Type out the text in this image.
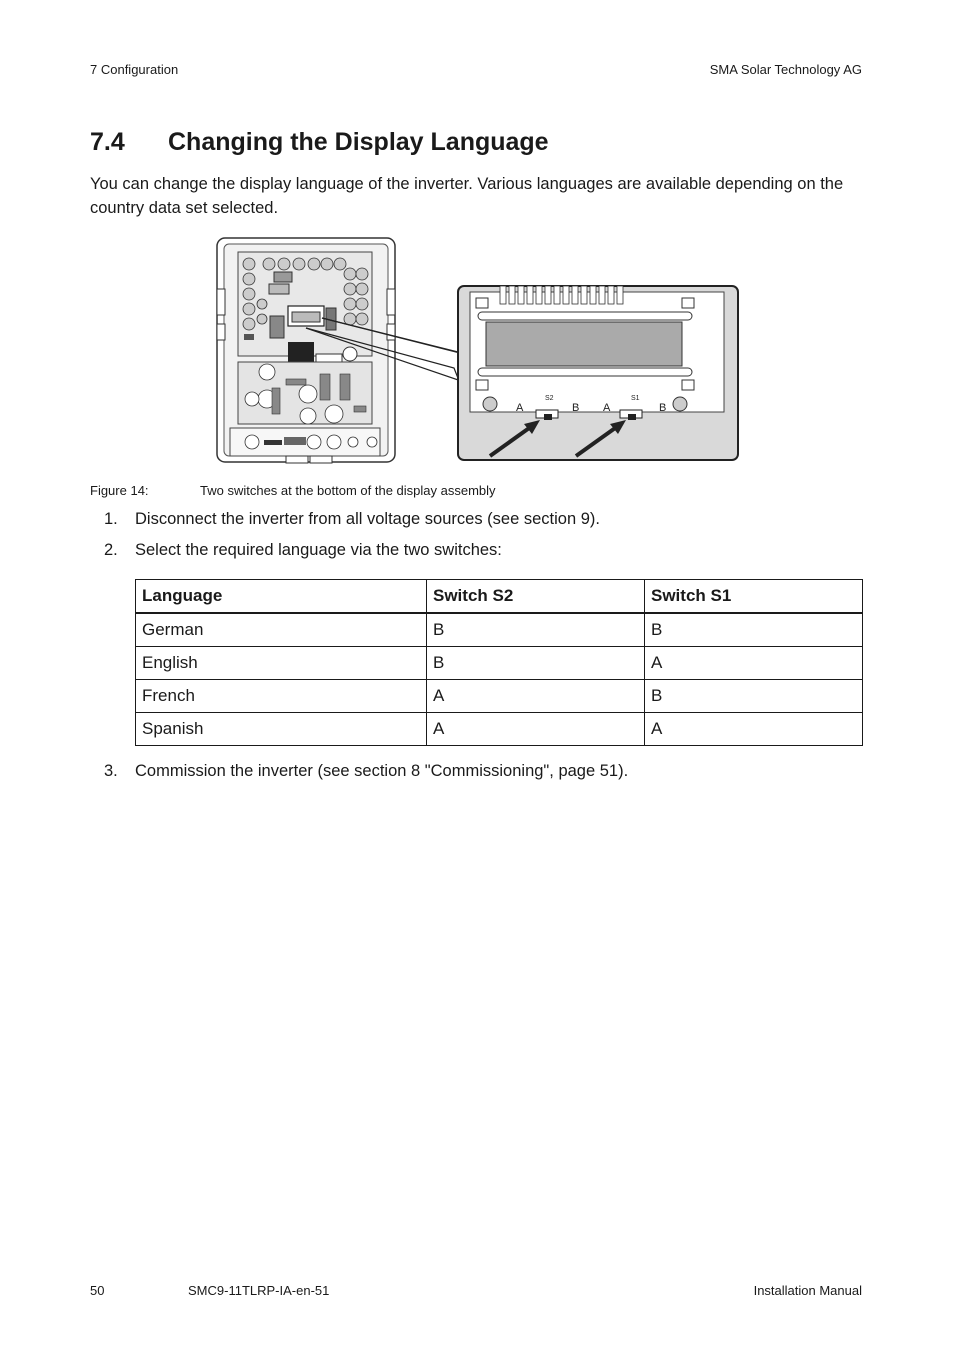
7 Configuration	SMA Solar Technology AG
7.4 Changing the Display Language
You can change the display language of the inverter. Various languages are available depending on the country data set selected.
S2	S1
A	B A	B
Figure 14:	Two switches at the bottom of the display assembly
1. Disconnect the inverter from all voltage sources (see section 9).
2. Select the required language via the two switches:
Language	Switch S2	Switch S1
German	B	B
English	B	A
French	A	B
Spanish	A	A
3. Commission the inverter (see section 8 "Commissioning", page 51).
50	SMC9-11TLRP-IA-en-51	Installation Manual
